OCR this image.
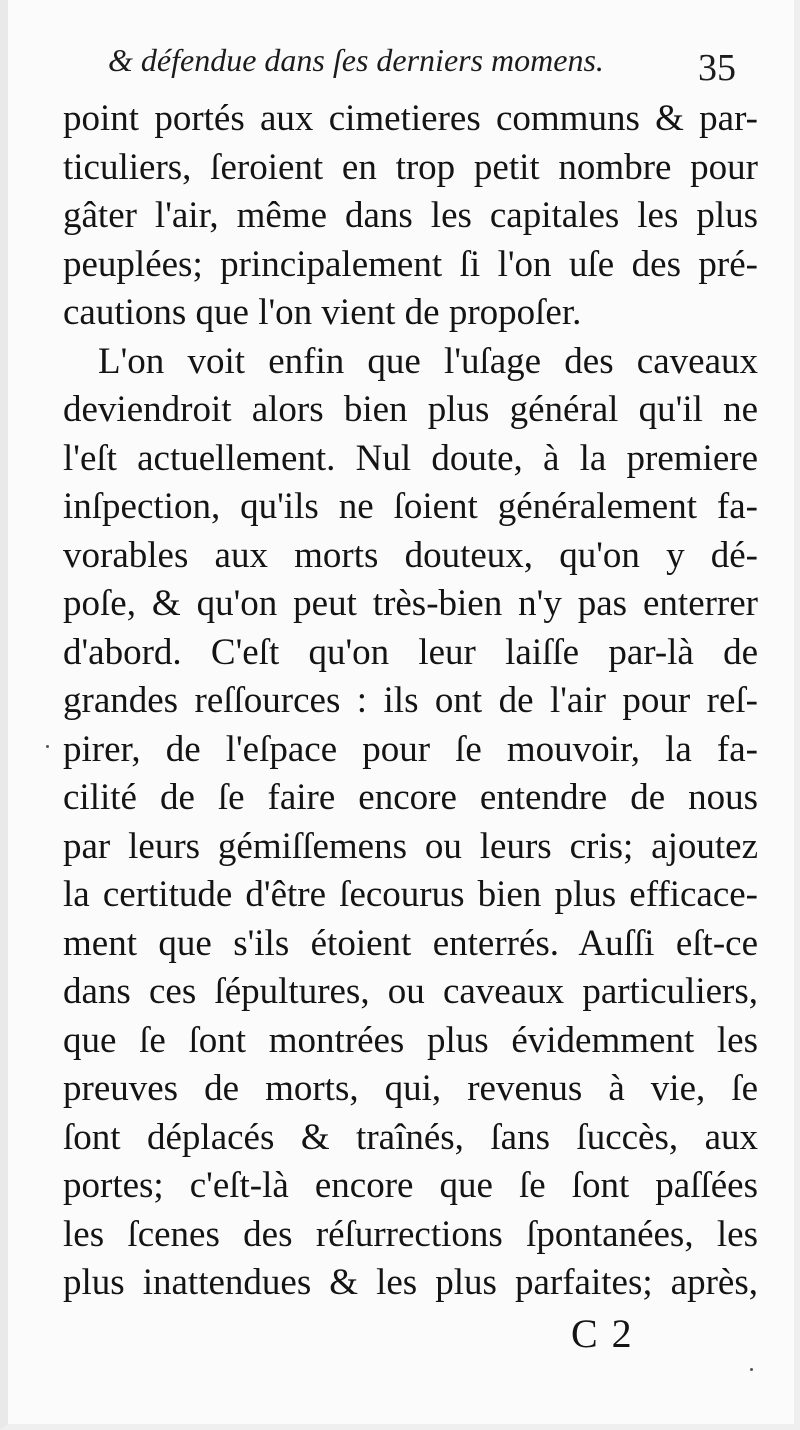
& défendue dans ſes derniers momens.	35
point portés aux cimetieres communs & par-
ticuliers, ſeroient en trop petit nombre pour
gâter l'air, même dans les capitales les plus
peuplées; principalement ſi l'on uſe des pré-
cautions que l'on vient de propoſer.
L'on voit enfin que l'uſage des caveaux
deviendroit alors bien plus général qu'il ne
l'eſt actuellement. Nul doute, à la premiere
inſpection, qu'ils ne ſoient généralement fa-
vorables aux morts douteux, qu'on y dé-
poſe, & qu'on peut très-bien n'y pas enterrer
d'abord. C'eſt qu'on leur laiſſe par-là de
grandes reſſources : ils ont de l'air pour reſ-
pirer, de l'eſpace pour ſe mouvoir, la fa-
cilité de ſe faire encore entendre de nous
par leurs gémiſſemens ou leurs cris; ajoutez
la certitude d'être ſecourus bien plus efficace-
ment que s'ils étoient enterrés. Auſſi eſt-ce
dans ces ſépultures, ou caveaux particuliers,
que ſe ſont montrées plus évidemment les
preuves de morts, qui, revenus à vie, ſe
ſont déplacés & traînés, ſans ſuccès, aux
portes; c'eſt-là encore que ſe ſont paſſées
les ſcenes des réſurrections ſpontanées, les
plus inattendues & les plus parfaites; après,
C 2
